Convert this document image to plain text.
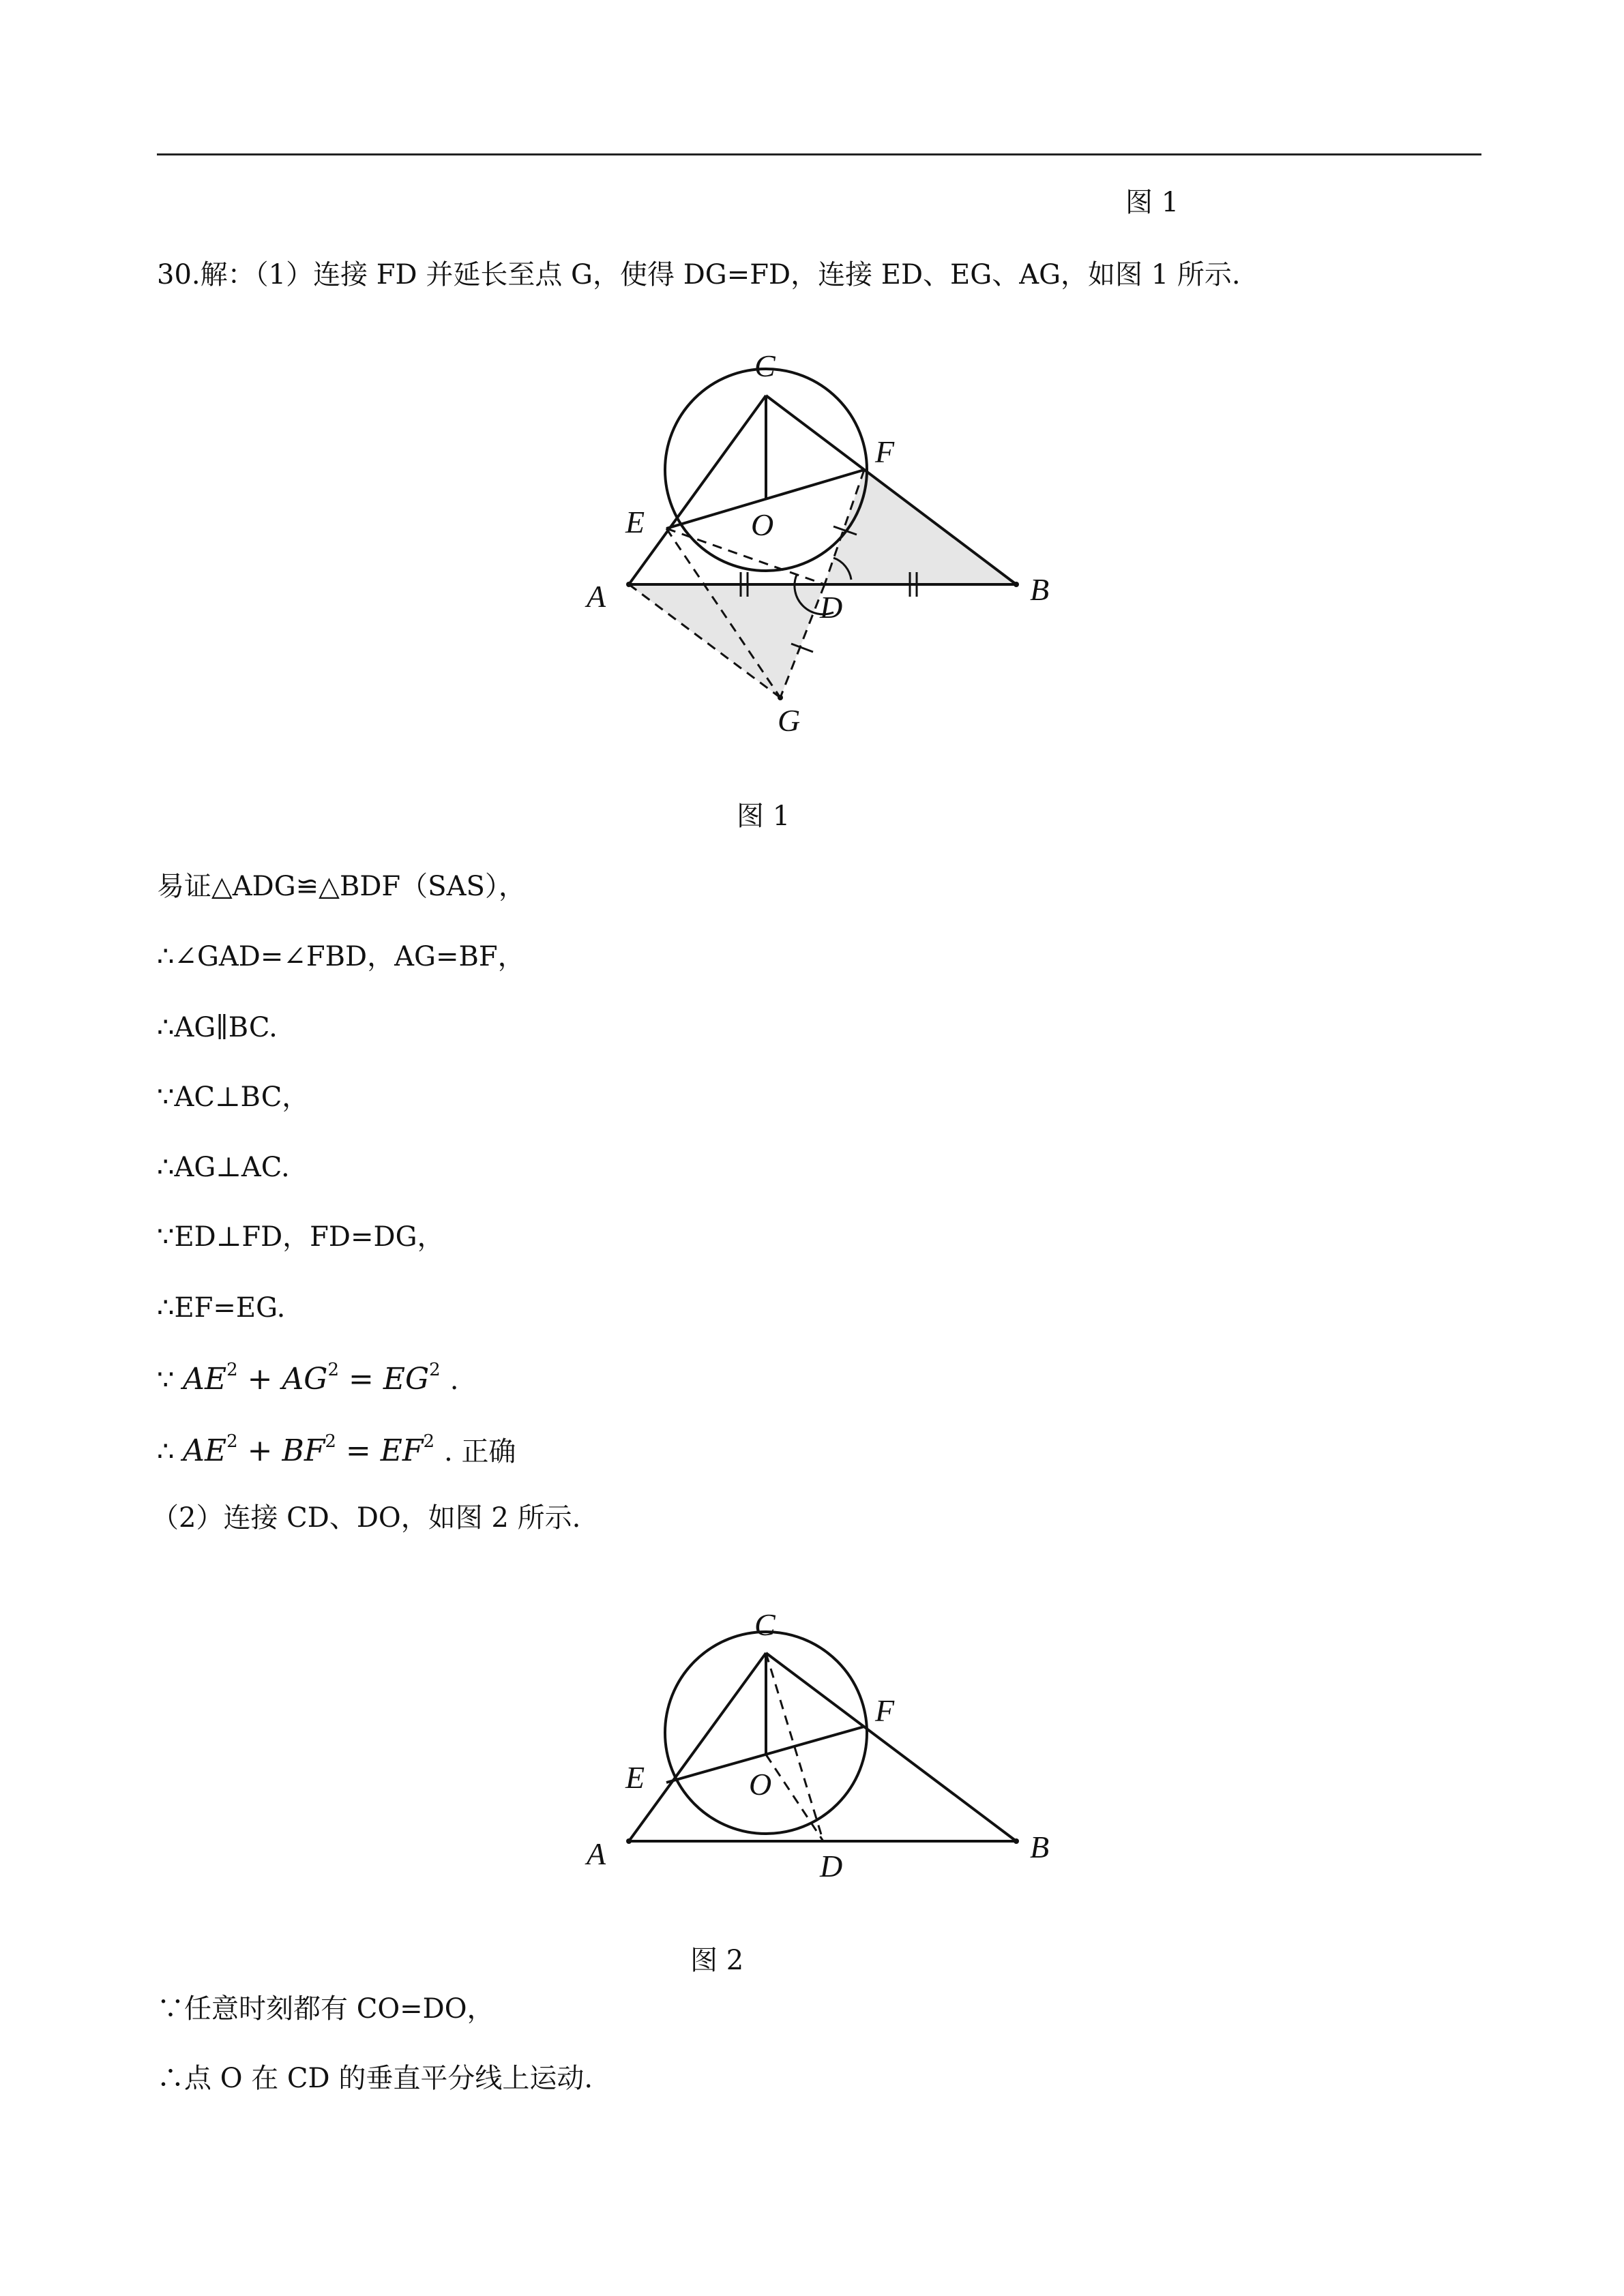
图 1
30.解：（1）连接 FD 并延长至点 G，使得 DG=FD，连接 ED、EG、AG，如图 1 所示.
C
F
E	O
A	D
B
G
图 1
易证△ADG≌△BDF（SAS），
∴∠GAD=∠FBD，AG=BF，
∴AG∥BC.
∵AC⊥BC，
∴AG⊥AC.
∵ED⊥FD，FD=DG，
∴EF=EG.
∵ $AE^2 + AG^2 = EG^2$ .
∴ $AE^2 + BF^2 = EF^2$ . 正确
（2）连接 CD、DO，如图 2 所示.
C
F
E	O
A	D
B
图 2
∵任意时刻都有 CO=DO，
∴点 O 在 CD 的垂直平分线上运动.
